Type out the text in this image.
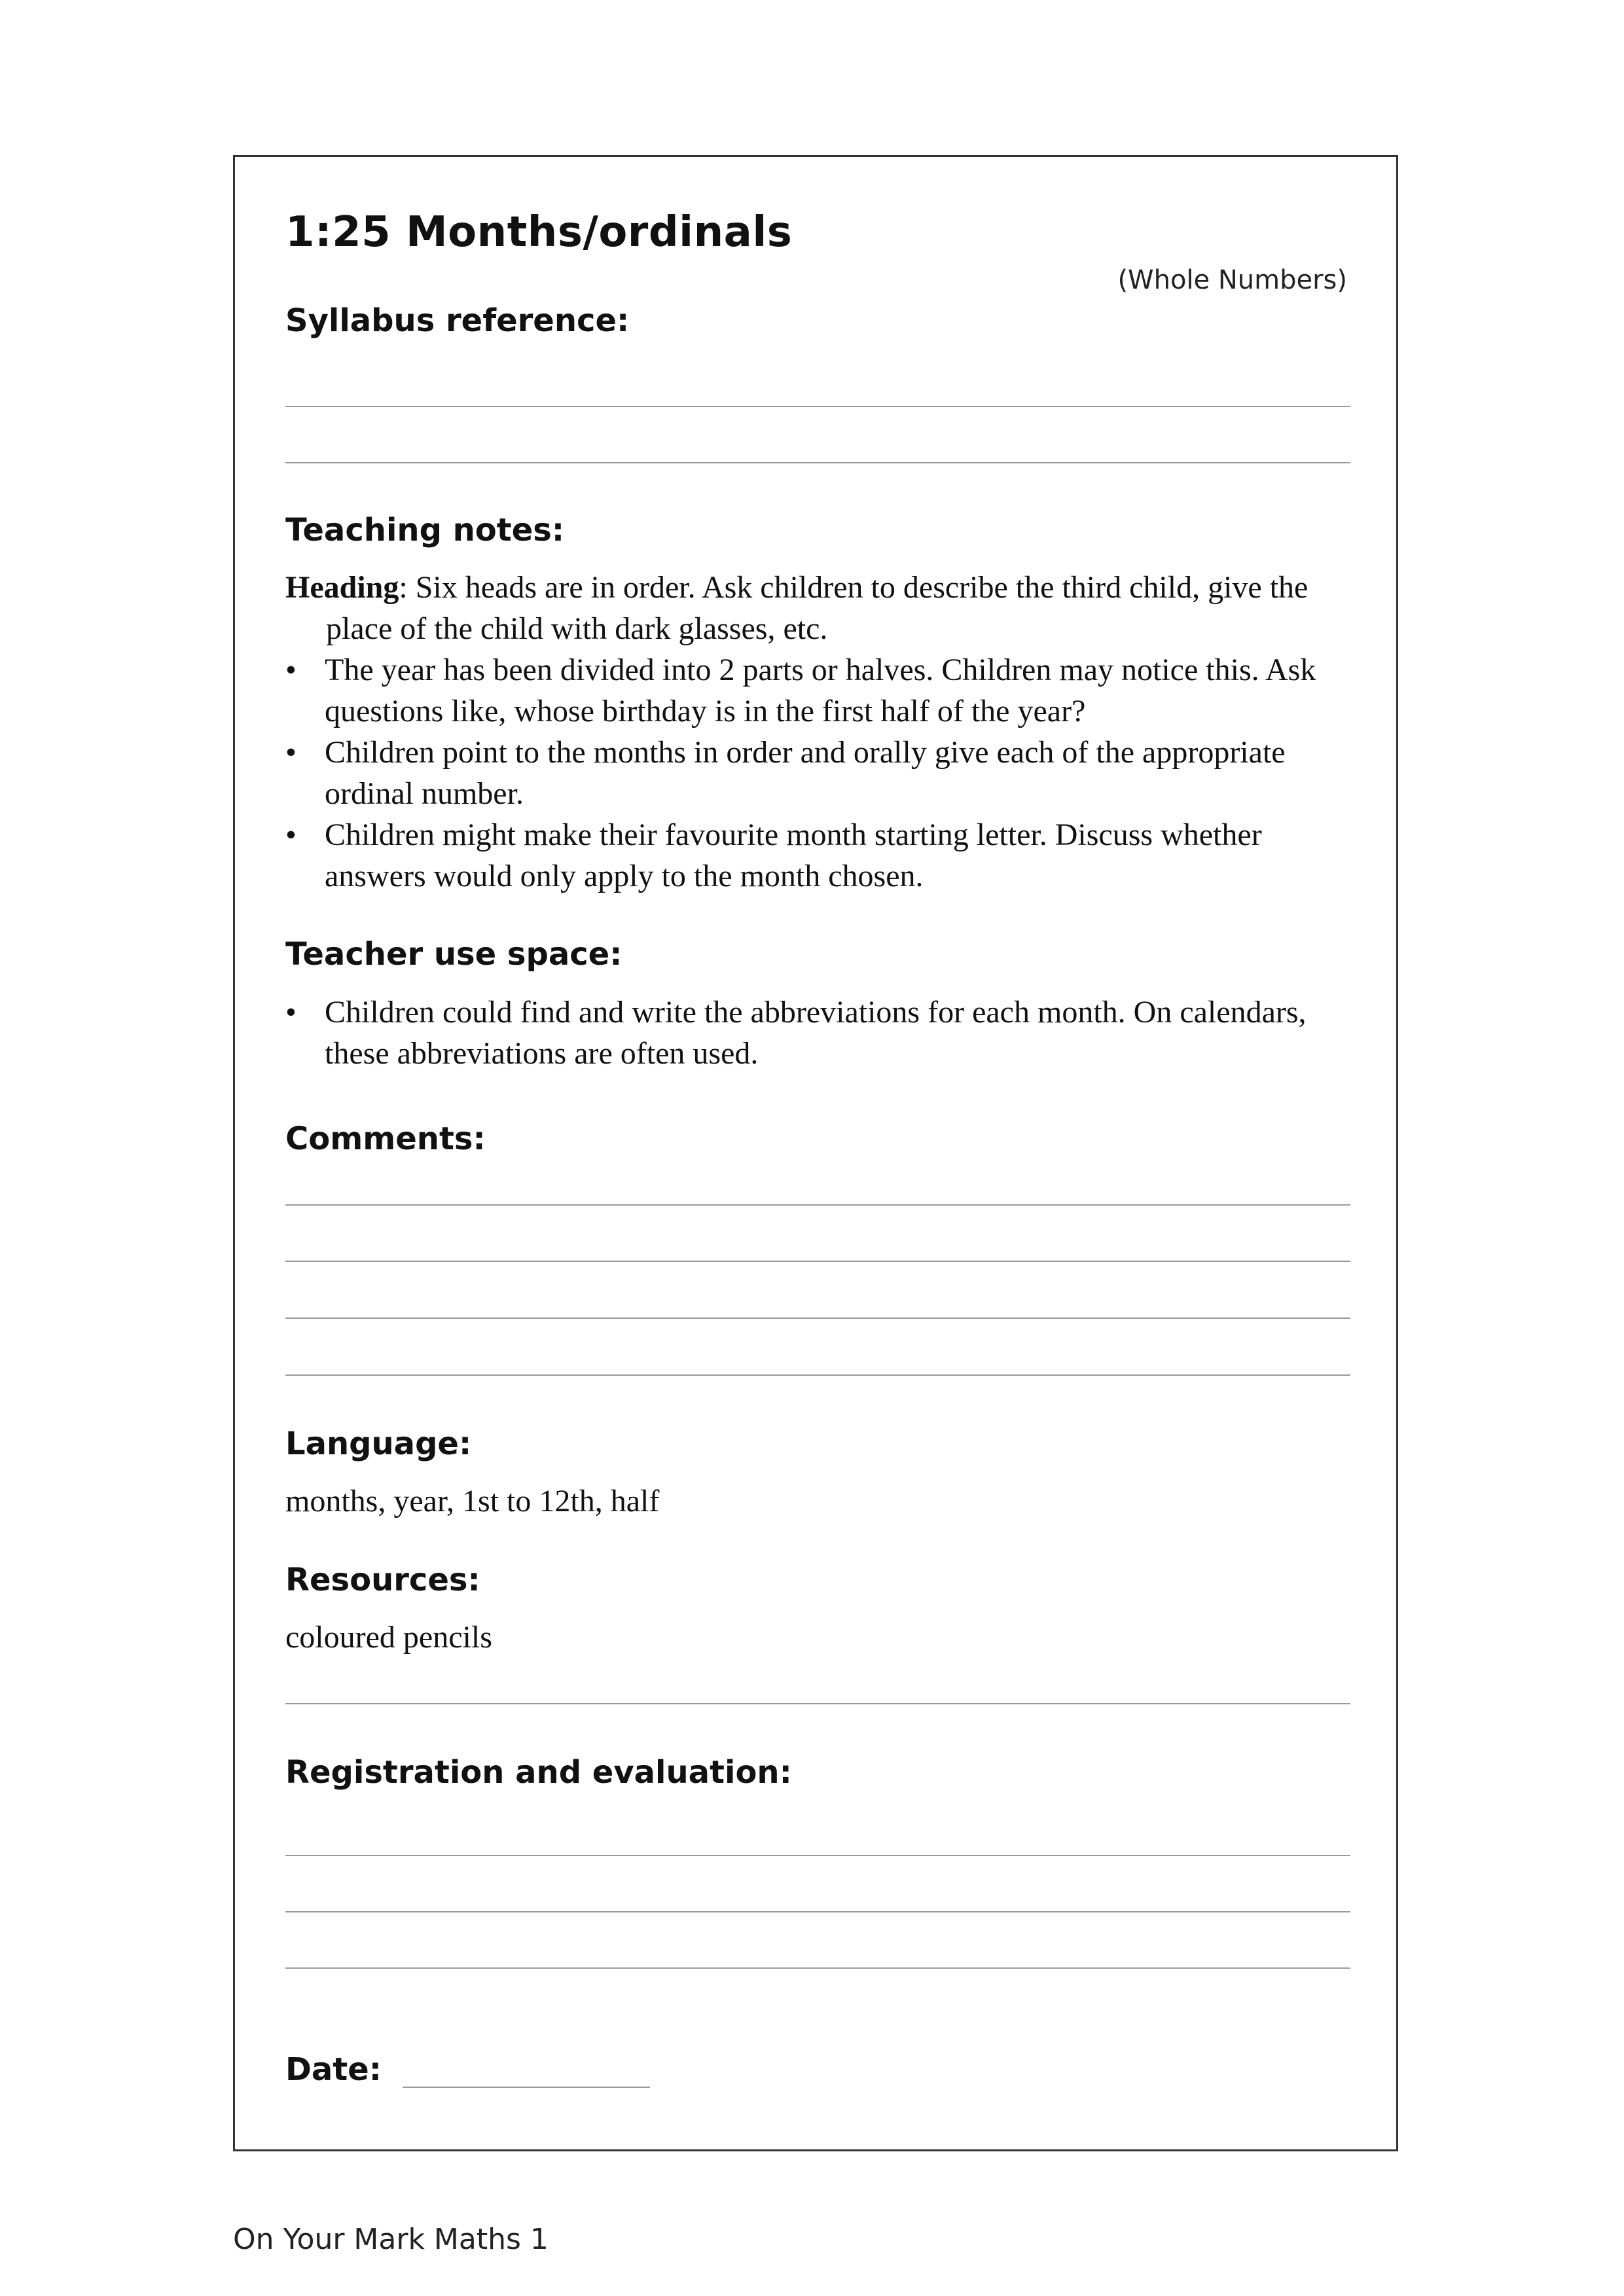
1:25 Months/ordinals
(Whole Numbers)
Syllabus reference:
Teaching notes:

Heading: Six heads are in order. Ask children to describe the third child, give the place of the child with dark glasses, etc.

• The year has been divided into 2 parts or halves. Children may notice this. Ask questions like, whose birthday is in the first half of the year?

• Children point to the months in order and orally give each of the appropriate ordinal number.

• Children might make their favourite month starting letter. Discuss whether answers would only apply to the month chosen.

Teacher use space:

• Children could find and write the abbreviations for each month. On calendars, these abbreviations are often used.

Comments:
Language:
months, year, 1st to 12th, half
Resources:
coloured pencils
Registration and evaluation:
Date:
On Your Mark Maths 1
